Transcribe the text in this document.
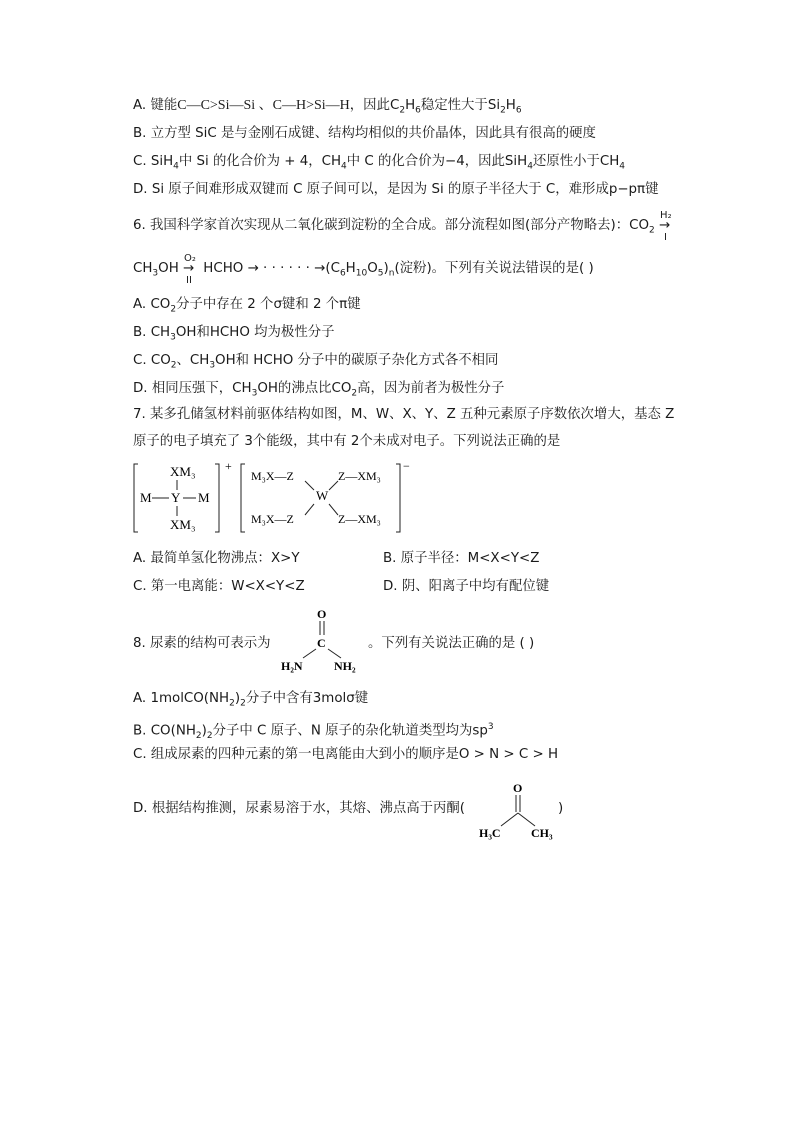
A. 键能C—C>Si—Si 、C—H>Si—H，因此$C_2H_6$稳定性大于$Si_2H_6$
B. 立方型 SiC 是与金刚石成键、结构均相似的共价晶体，因此具有很高的硬度
C. SiH$_4$中 Si 的化合价为 + 4，$CH_4$中 C 的化合价为−4，因此SiH$_4$还原性小于$CH_4$
D. Si 原子间难形成双键而 C 原子间可以，是因为 Si 的原子半径大于 C，难形成p−pπ键
6. 我国科学家首次实现从二氧化碳到淀粉的全合成。部分流程如图(部分产物略去)：$CO_2$
H₂
→
I
$CH_3OH$
O₂
→
II
HCHO → · · · · · · $\to(C_6H_{10}O_5)_n$(淀粉)。下列有关说法错误的是( )
A. $CO_2$分子中存在 2 个σ键和 2 个π键
B. $CH_3OH$和HCHO 均为极性分子
C. $CO_2$、$CH_3OH$和 HCHO 分子中的碳原子杂化方式各不相同
D. 相同压强下，$CH_3OH$的沸点比$CO_2$高，因为前者为极性分子
7. 某多孔储氢材料前驱体结构如图，M、W、X、Y、Z 五种元素原子序数依次增大，基态 Z
原子的电子填充了 3个能级，其中有 2个未成对电子。下列说法正确的是
+
XM₃
M Y M
XM₃
−
M₃X—Z	Z—XM₃
W
M₃X—Z	Z—XM₃
A. 最简单氢化物沸点：X>Y	B. 原子半径：M<X<Y<Z
C. 第一电离能：W<X<Y<Z	D. 阴、阳离子中均有配位键
8. 尿素的结构可表示为
O
C
H₂N	NH₂
。下列有关说法正确的是 ( )
A. $1molCO(NH_2)_2$分子中含有3molσ键
B. $CO(NH_2)_2$分子中 C 原子、N 原子的杂化轨道类型均为$sp^3$
C. 组成尿素的四种元素的第一电离能由大到小的顺序是O > N > C > H
D. 根据结构推测，尿素易溶于水，其熔、沸点高于丙酮(
O
H₃C	CH₃
)
